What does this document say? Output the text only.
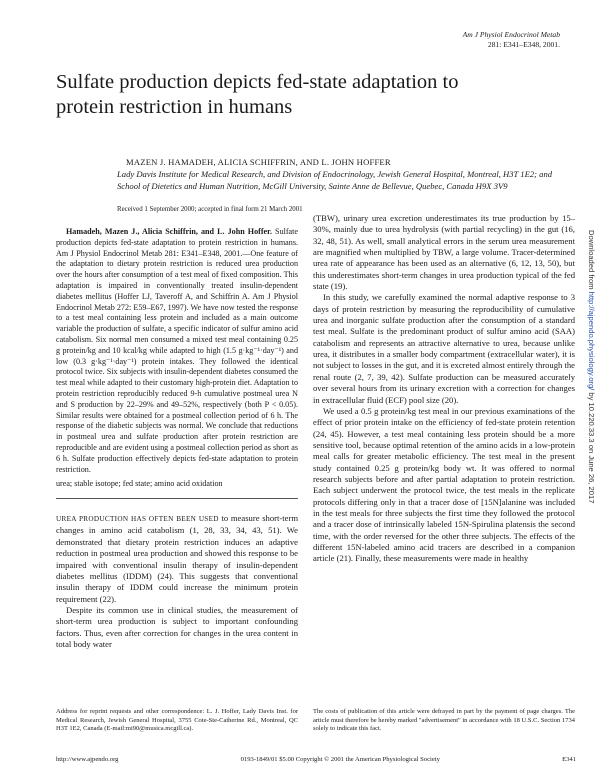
Am J Physiol Endocrinol Metab
281: E341–E348, 2001.
Sulfate production depicts fed-state adaptation to protein restriction in humans
MAZEN J. HAMADEH, ALICIA SCHIFFRIN, AND L. JOHN HOFFER
Lady Davis Institute for Medical Research, and Division of Endocrinology, Jewish General Hospital, Montreal, H3T 1E2; and School of Dietetics and Human Nutrition, McGill University, Sainte Anne de Bellevue, Quebec, Canada H9X 3V9
Received 1 September 2000; accepted in final form 21 March 2001

Hamadeh, Mazen J., Alicia Schiffrin, and L. John Hoffer. Sulfate production depicts fed-state adaptation to protein restriction in humans. Am J Physiol Endocrinol Metab 281: E341–E348, 2001.—One feature of the adaptation to dietary protein restriction is reduced urea production over the hours after consumption of a test meal of fixed composition. This adaptation is impaired in conventionally treated insulin-dependent diabetes mellitus (Hoffer LJ, Taveroff A, and Schiffrin A. Am J Physiol Endocrinol Metab 272: E59–E67, 1997). We have now tested the response to a test meal containing less protein and included as a main outcome variable the production of sulfate, a specific indicator of sulfur amino acid catabolism. Six normal men consumed a mixed test meal containing 0.25 g protein/kg and 10 kcal/kg while adapted to high (1.5 g·kg⁻¹·day⁻¹) and low (0.3 g·kg⁻¹·day⁻¹) protein intakes. They followed the identical protocol twice. Six subjects with insulin-dependent diabetes consumed the test meal while adapted to their customary high-protein diet. Adaptation to protein restriction reproducibly reduced 9-h cumulative postmeal urea N and S production by 22–29% and 49–52%, respectively (both P < 0.05). Similar results were obtained for a postmeal collection period of 6 h. The response of the diabetic subjects was normal. We conclude that reductions in postmeal urea and sulfate production after protein restriction are reproducible and are evident using a postmeal collection period as short as 6 h. Sulfate production effectively depicts fed-state adaptation to protein restriction.

urea; stable isotope; fed state; amino acid oxidation

UREA PRODUCTION HAS OFTEN BEEN USED to measure short-term changes in amino acid catabolism (1, 28, 33, 34, 43, 51). We demonstrated that dietary protein restriction induces an adaptive reduction in postmeal urea production and showed this response to be impaired with conventional insulin therapy of insulin-dependent diabetes mellitus (IDDM) (24). This suggests that conventional insulin therapy of IDDM could increase the minimum protein requirement (22).

Despite its common use in clinical studies, the measurement of short-term urea production is subject to important confounding factors. Thus, even after correction for changes in the urea content in total body water

(TBW), urinary urea excretion underestimates its true production by 15–30%, mainly due to urea hydrolysis (with partial recycling) in the gut (16, 32, 48, 51). As well, small analytical errors in the serum urea measurement are magnified when multiplied by TBW, a large volume. Tracer-determined urea rate of appearance has been used as an alternative (6, 12, 13, 50), but this underestimates short-term changes in urea production typical of the fed state (19).

In this study, we carefully examined the normal adaptive response to 3 days of protein restriction by measuring the reproducibility of cumulative urea and inorganic sulfate production after the consumption of a standard test meal. Sulfate is the predominant product of sulfur amino acid (SAA) catabolism and represents an attractive alternative to urea, because unlike urea, it distributes in a smaller body compartment (extracellular water), it is not subject to losses in the gut, and it is excreted almost entirely through the renal route (2, 7, 39, 42). Sulfate production can be measured accurately over several hours from its urinary excretion with a correction for changes in extracellular fluid (ECF) pool size (20).

We used a 0.5 g protein/kg test meal in our previous examinations of the effect of prior protein intake on the efficiency of fed-state protein retention (24, 45). However, a test meal containing less protein should be a more sensitive tool, because optimal retention of the amino acids in a low-protein meal calls for greater metabolic efficiency. The test meal in the present study contained 0.25 g protein/kg body wt. It was offered to normal research subjects before and after partial adaptation to protein restriction. Each subject underwent the protocol twice, the test meals in the replicate protocols differing only in that a tracer dose of [15N]alanine was included in the test meals for three subjects the first time they followed the protocol and a tracer dose of intrinsically labeled 15N-Spirulina platensis the second time, with the order reversed for the other three subjects. The effects of the different 15N-labeled amino acid tracers are described in a companion article (21). Finally, these measurements were made in healthy

Address for reprint requests and other correspondence: L. J. Hoffer, Lady Davis Inst. for Medical Research, Jewish General Hospital, 3755 Cote-Ste-Catherine Rd., Montreal, QC H3T 1E2, Canada (E-mail:mi90@musica.mcgill.ca).
The costs of publication of this article were defrayed in part by the payment of page charges. The article must therefore be hereby marked "advertisement" in accordance with 18 U.S.C. Section 1734 solely to indicate this fact.
http://www.ajpendo.org	0193-1849/01 $5.00 Copyright © 2001 the American Physiological Society	E341
Downloaded from http://ajpendo.physiology.org/ by 10.220.33.3 on June 26, 2017
